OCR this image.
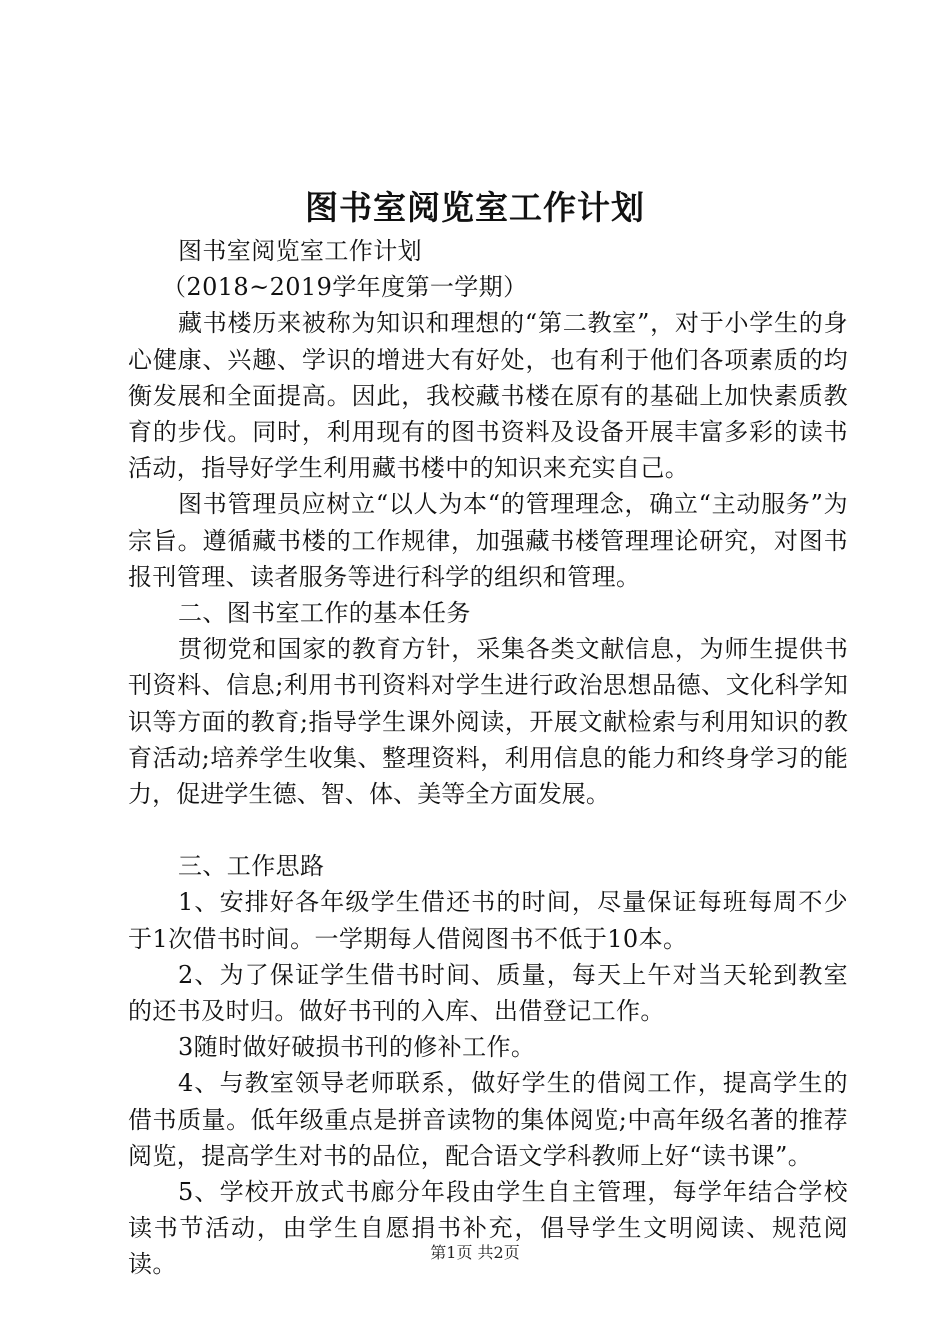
图书室阅览室工作计划

图书室阅览室工作计划

（2018~2019学年度第一学期）

藏书楼历来被称为知识和理想的“第二教室”，对于小学生的身心健康、兴趣、学识的增进大有好处，也有利于他们各项素质的均衡发展和全面提高。因此，我校藏书楼在原有的基础上加快素质教育的步伐。同时，利用现有的图书资料及设备开展丰富多彩的读书活动，指导好学生利用藏书楼中的知识来充实自己。

图书管理员应树立“以人为本“的管理理念，确立“主动服务”为宗旨。遵循藏书楼的工作规律，加强藏书楼管理理论研究，对图书报刊管理、读者服务等进行科学的组织和管理。

二、图书室工作的基本任务

贯彻党和国家的教育方针，采集各类文献信息，为师生提供书刊资料、信息;利用书刊资料对学生进行政治思想品德、文化科学知识等方面的教育;指导学生课外阅读，开展文献检索与利用知识的教育活动;培养学生收集、整理资料，利用信息的能力和终身学习的能力，促进学生德、智、体、美等全方面发展。

三、工作思路

1、安排好各年级学生借还书的时间，尽量保证每班每周不少于1次借书时间。一学期每人借阅图书不低于10本。

2、为了保证学生借书时间、质量，每天上午对当天轮到教室的还书及时归。做好书刊的入库、出借登记工作。

3随时做好破损书刊的修补工作。

4、与教室领导老师联系，做好学生的借阅工作，提高学生的借书质量。低年级重点是拼音读物的集体阅览;中高年级名著的推荐阅览，提高学生对书的品位，配合语文学科教师上好“读书课”。

5、学校开放式书廊分年段由学生自主管理，每学年结合学校读书节活动，由学生自愿捐书补充，倡导学生文明阅读、规范阅读。	第1页 共2页
